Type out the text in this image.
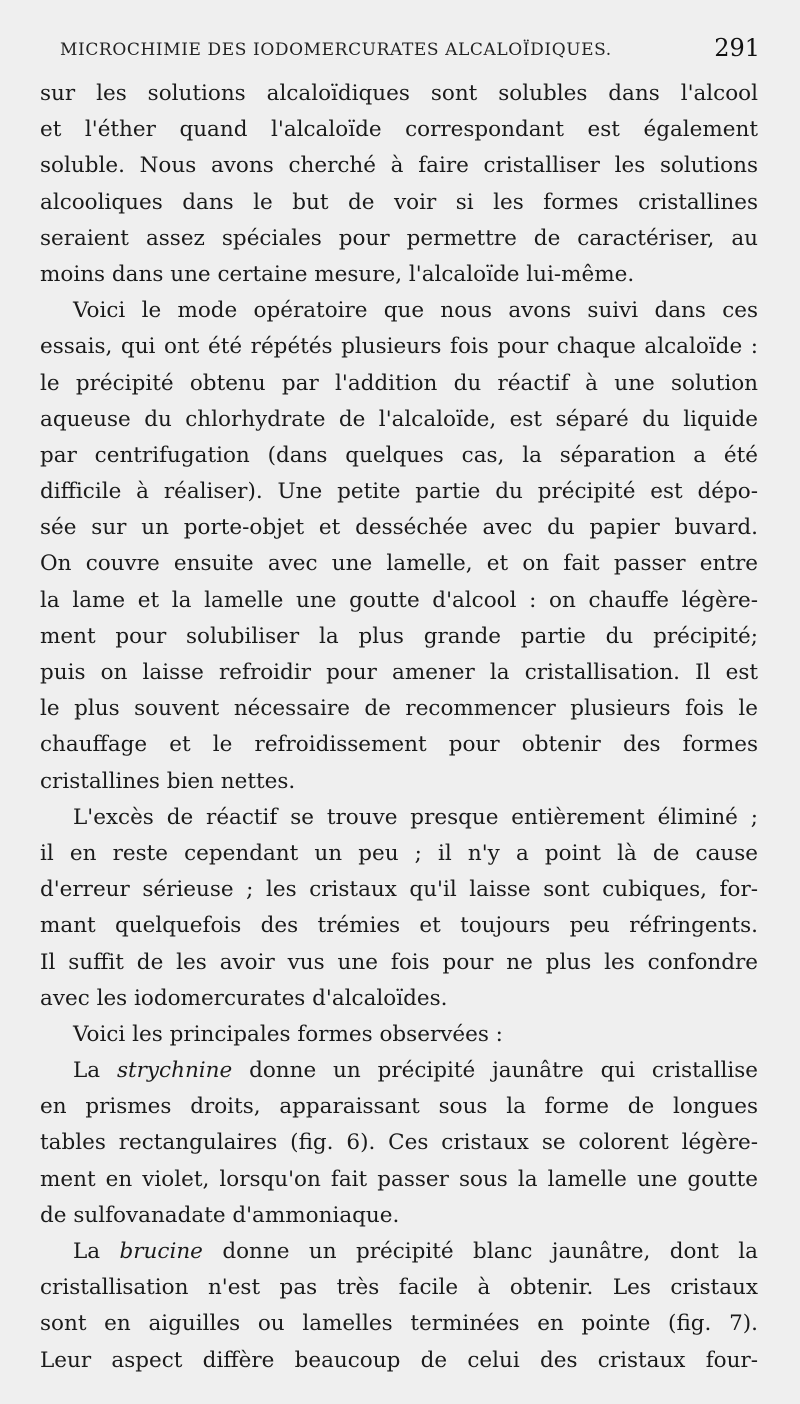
MICROCHIMIE DES IODOMERCURATES ALCALOÏDIQUES.	291
sur les solutions alcaloïdiques sont solubles dans l'alcool
et l'éther quand l'alcaloïde correspondant est également
soluble. Nous avons cherché à faire cristalliser les solutions
alcooliques dans le but de voir si les formes cristallines
seraient assez spéciales pour permettre de caractériser, au
moins dans une certaine mesure, l'alcaloïde lui-même.
Voici le mode opératoire que nous avons suivi dans ces
essais, qui ont été répétés plusieurs fois pour chaque alcaloïde :
le précipité obtenu par l'addition du réactif à une solution
aqueuse du chlorhydrate de l'alcaloïde, est séparé du liquide
par centrifugation (dans quelques cas, la séparation a été
difficile à réaliser). Une petite partie du précipité est dépo-
sée sur un porte-objet et desséchée avec du papier buvard.
On couvre ensuite avec une lamelle, et on fait passer entre
la lame et la lamelle une goutte d'alcool : on chauffe légère-
ment pour solubiliser la plus grande partie du précipité;
puis on laisse refroidir pour amener la cristallisation. Il est
le plus souvent nécessaire de recommencer plusieurs fois le
chauffage et le refroidissement pour obtenir des formes
cristallines bien nettes.
L'excès de réactif se trouve presque entièrement éliminé ;
il en reste cependant un peu ; il n'y a point là de cause
d'erreur sérieuse ; les cristaux qu'il laisse sont cubiques, for-
mant quelquefois des trémies et toujours peu réfringents.
Il suffit de les avoir vus une fois pour ne plus les confondre
avec les iodomercurates d'alcaloïdes.
Voici les principales formes observées :
La strychnine donne un précipité jaunâtre qui cristallise
en prismes droits, apparaissant sous la forme de longues
tables rectangulaires (fig. 6). Ces cristaux se colorent légère-
ment en violet, lorsqu'on fait passer sous la lamelle une goutte
de sulfovanadate d'ammoniaque.
La brucine donne un précipité blanc jaunâtre, dont la
cristallisation n'est pas très facile à obtenir. Les cristaux
sont en aiguilles ou lamelles terminées en pointe (fig. 7).
Leur aspect diffère beaucoup de celui des cristaux four-
